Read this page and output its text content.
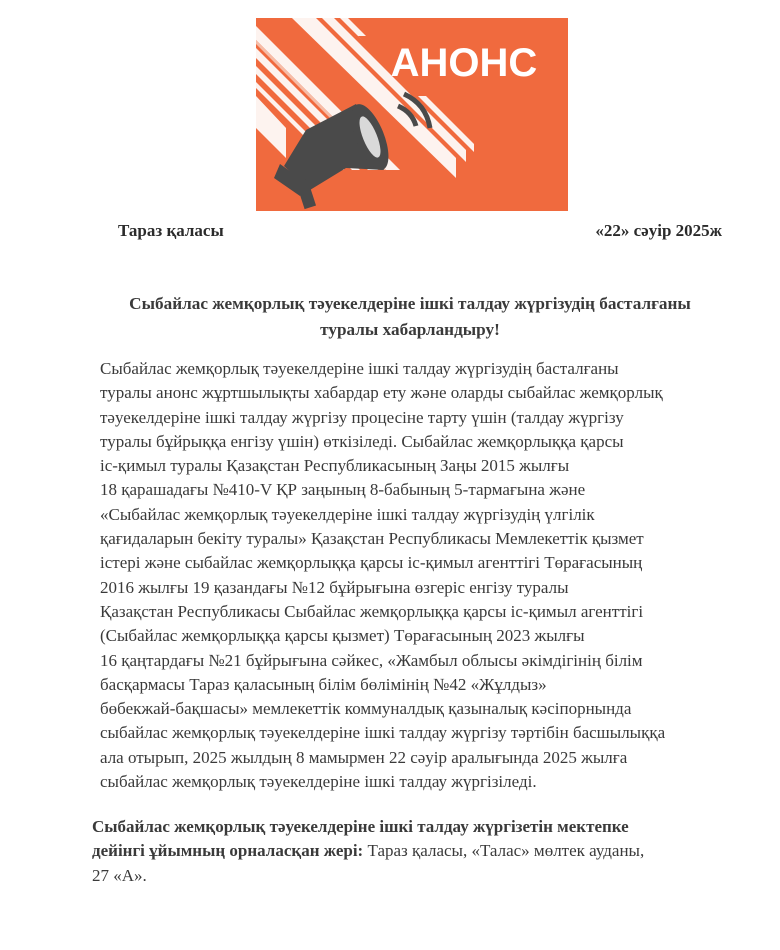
АНОНС
Тараз қаласы	«22» сәуір 2025ж
Сыбайлас жемқорлық тәуекелдеріне ішкі талдау жүргізудің басталғаны
туралы хабарландыру!
Сыбайлас жемқорлық тәуекелдеріне ішкі талдау жүргізудің басталғаны
туралы анонс жұртшылықты хабардар ету және оларды сыбайлас жемқорлық
тәуекелдеріне ішкі талдау жүргізу процесіне тарту үшін (талдау жүргізу
туралы бұйрыққа енгізу үшін) өткізіледі. Сыбайлас жемқорлыққа қарсы
іс-қимыл туралы Қазақстан Республикасының Заңы 2015 жылғы
18 қарашадағы №410-V ҚР заңының 8-бабының 5-тармағына және
«Сыбайлас жемқорлық тәуекелдеріне ішкі талдау жүргізудің үлгілік
қағидаларын бекіту туралы» Қазақстан Республикасы Мемлекеттік қызмет
істері және сыбайлас жемқорлыққа қарсы іс-қимыл агенттігі Төрағасының
2016 жылғы 19 қазандағы №12 бұйрығына өзгеріс енгізу туралы
Қазақстан Республикасы Сыбайлас жемқорлыққа қарсы іс-қимыл агенттігі
(Сыбайлас жемқорлыққа қарсы қызмет) Төрағасының 2023 жылғы
16 қаңтардағы №21 бұйрығына сәйкес, «Жамбыл облысы әкімдігінің білім
басқармасы Тараз қаласының білім бөлімінің №42 «Жұлдыз»
бөбекжай-бақшасы» мемлекеттік коммуналдық қазыналық кәсіпорнында
сыбайлас жемқорлық тәуекелдеріне ішкі талдау жүргізу тәртібін басшылыққа
ала отырып, 2025 жылдың 8 мамырмен 22 сәуір аралығында 2025 жылға
сыбайлас жемқорлық тәуекелдеріне ішкі талдау жүргізіледі.
Сыбайлас жемқорлық тәуекелдеріне ішкі талдау жүргізетін мектепке
дейінгі ұйымның орналасқан жері: Тараз қаласы, «Талас» мөлтек ауданы,
27 «А».
